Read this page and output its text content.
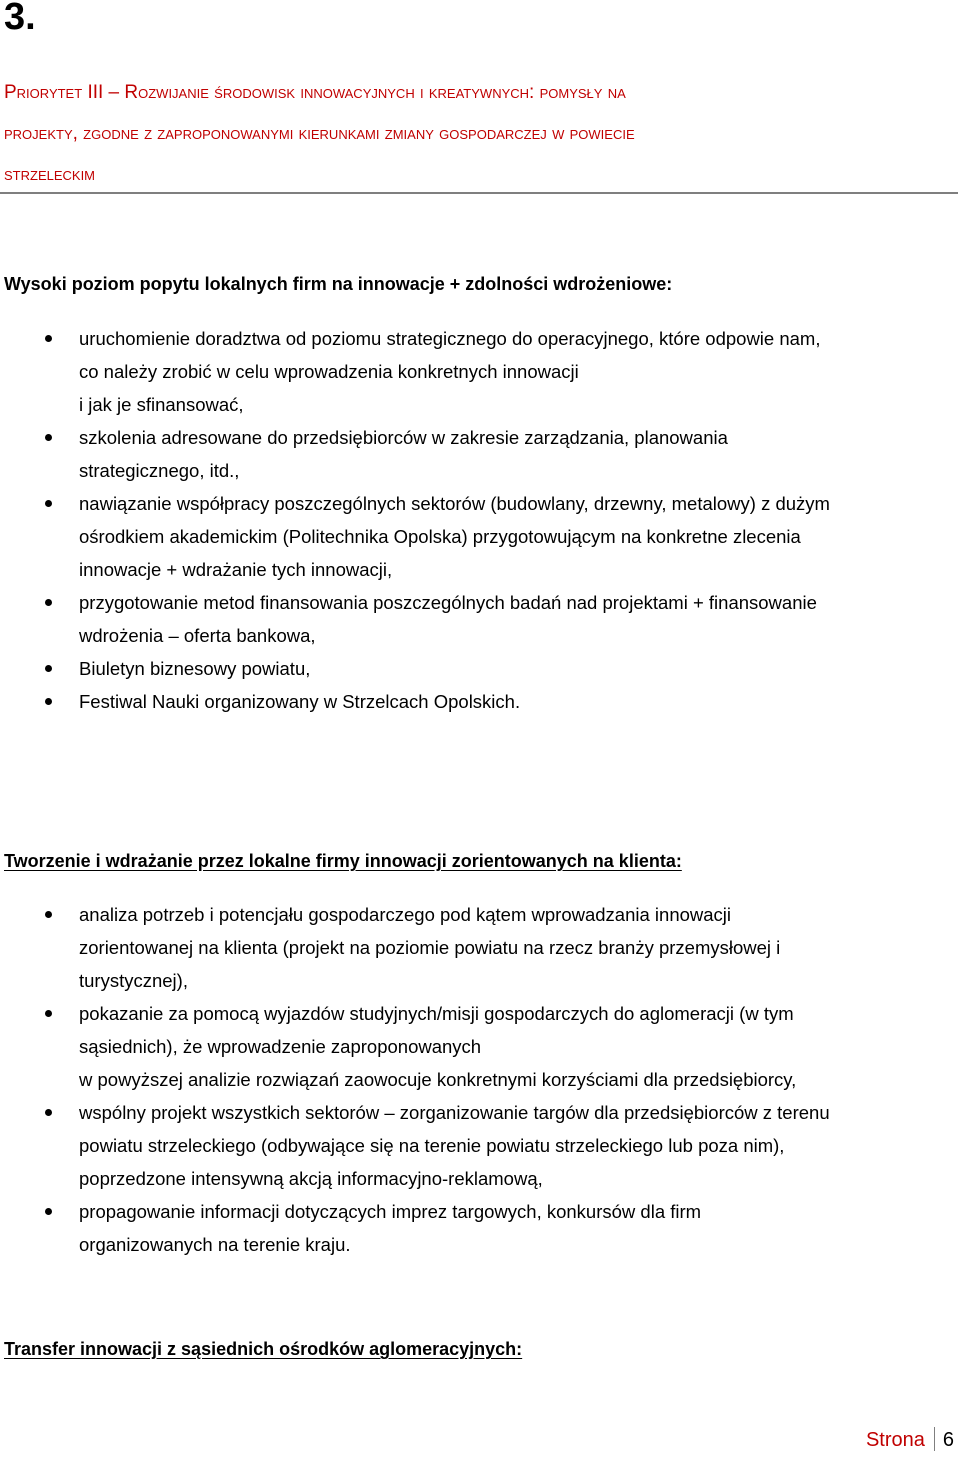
3.
Priorytet III – Rozwijanie środowisk innowacyjnych i kreatywnych: pomysły na
projekty, zgodne z zaproponowanymi kierunkami zmiany gospodarczej w powiecie
strzeleckim
Wysoki poziom popytu lokalnych firm na innowacje + zdolności wdrożeniowe:
uruchomienie doradztwa od poziomu strategicznego do operacyjnego, które odpowie nam,
co należy zrobić w celu wprowadzenia konkretnych innowacji
i jak je sfinansować,
szkolenia adresowane do przedsiębiorców w zakresie zarządzania, planowania
strategicznego, itd.,
nawiązanie współpracy poszczególnych sektorów (budowlany, drzewny, metalowy) z dużym
ośrodkiem akademickim (Politechnika Opolska) przygotowującym na konkretne zlecenia
innowacje + wdrażanie tych innowacji,
przygotowanie metod finansowania poszczególnych badań nad projektami + finansowanie
wdrożenia – oferta bankowa,
Biuletyn biznesowy powiatu,
Festiwal Nauki organizowany w Strzelcach Opolskich.
Tworzenie i wdrażanie przez lokalne firmy innowacji zorientowanych na klienta:
analiza potrzeb i potencjału gospodarczego pod kątem wprowadzania innowacji
zorientowanej na klienta (projekt na poziomie powiatu na rzecz branży przemysłowej i
turystycznej),
pokazanie za pomocą wyjazdów studyjnych/misji gospodarczych do aglomeracji (w tym
sąsiednich), że wprowadzenie zaproponowanych
w powyższej analizie rozwiązań zaowocuje konkretnymi korzyściami dla przedsiębiorcy,
wspólny projekt wszystkich sektorów – zorganizowanie targów dla przedsiębiorców z terenu
powiatu strzeleckiego (odbywające się na terenie powiatu strzeleckiego lub poza nim),
poprzedzone intensywną akcją informacyjno-reklamową,
propagowanie informacji dotyczących imprez targowych, konkursów dla firm
organizowanych na terenie kraju.
Transfer innowacji z sąsiednich ośrodków aglomeracyjnych:
Strona 6
